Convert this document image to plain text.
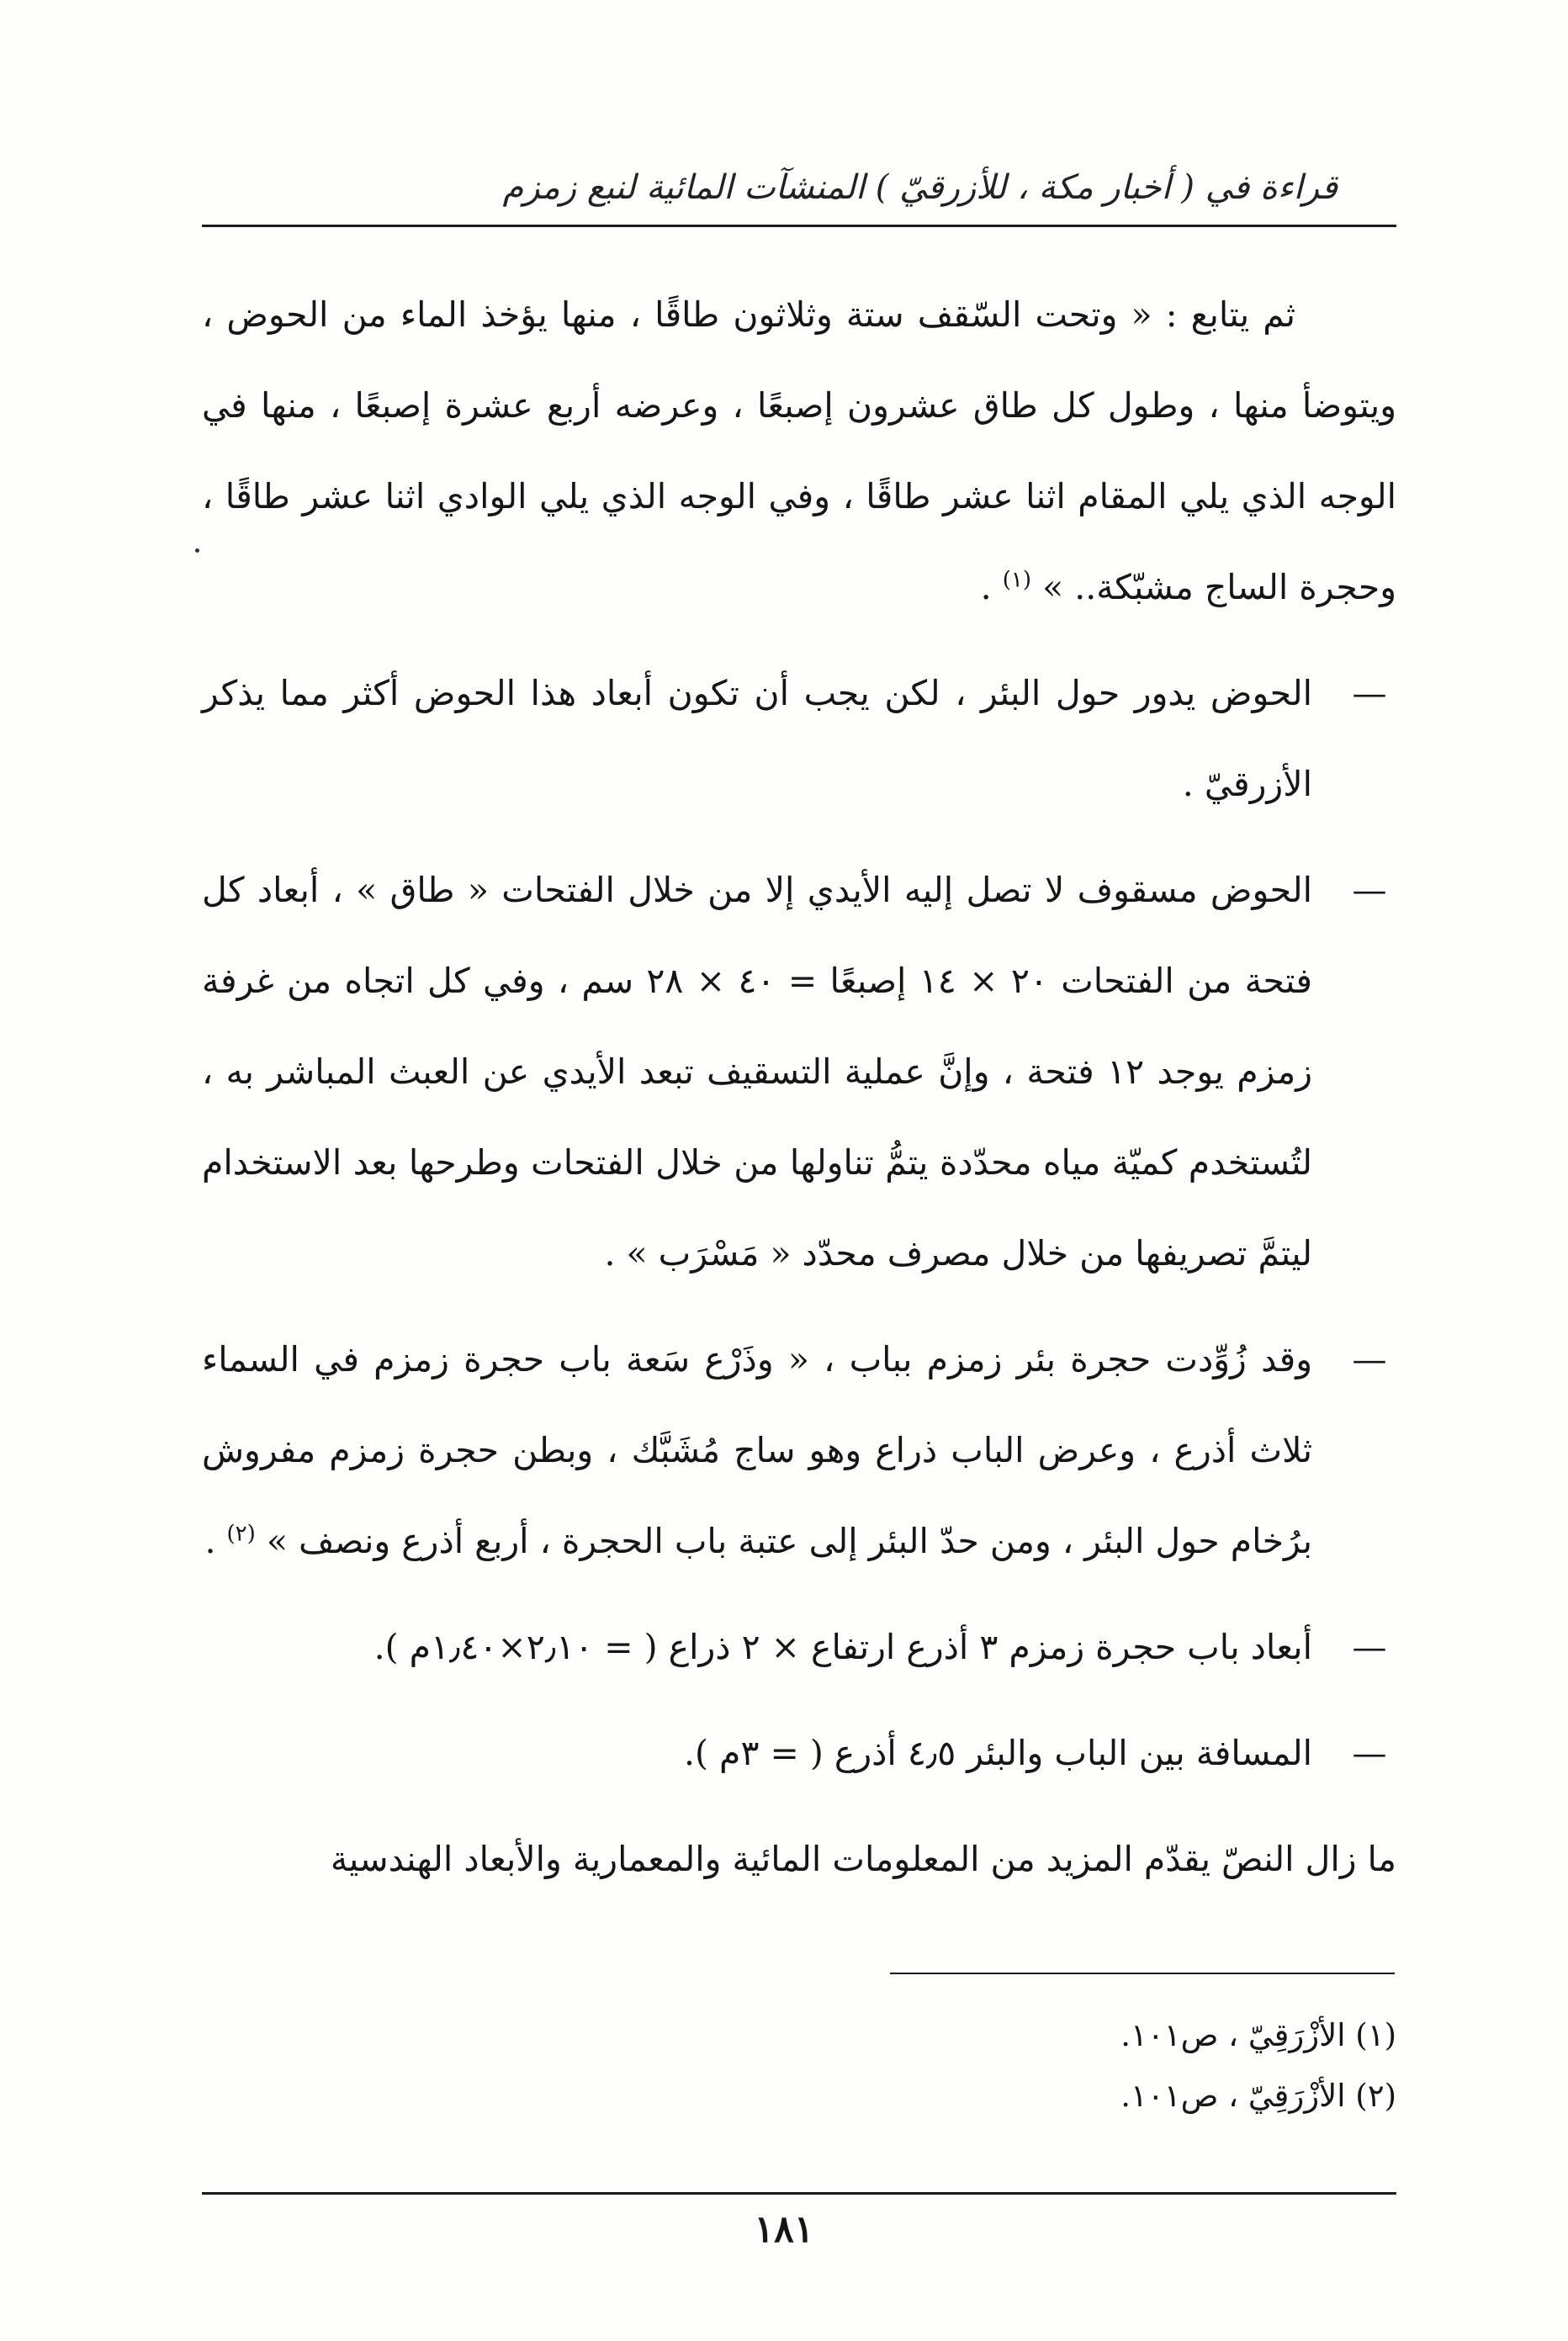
قراءة في ( أخبار مكة ، للأزرقيّ ) المنشآت المائية لنبع زمزم

ثم يتابع : « وتحت السّقف ستة وثلاثون طاقًا ، منها يؤخذ الماء من الحوض ، ويتوضأ منها ، وطول كل طاق عشرون إصبعًا ، وعرضه أربع عشرة إصبعًا ، منها في الوجه الذي يلي المقام اثنا عشر طاقًا ، وفي الوجه الذي يلي الوادي اثنا عشر طاقًا ، وحجرة الساج مشبّكة.. » $^{(١)}$ .

—
الحوض يدور حول البئر ، لكن يجب أن تكون أبعاد هذا الحوض أكثر مما يذكر الأزرقيّ .

—
الحوض مسقوف لا تصل إليه الأيدي إلا من خلال الفتحات « طاق » ، أبعاد كل فتحة من الفتحات ٢٠ × ١٤ إصبعًا = ٤٠ × ٢٨ سم ، وفي كل اتجاه من غرفة زمزم يوجد ١٢ فتحة ، وإنَّ عملية التسقيف تبعد الأيدي عن العبث المباشر به ، لتُستخدم كميّة مياه محدّدة يتمُّ تناولها من خلال الفتحات وطرحها بعد الاستخدام ليتمَّ تصريفها من خلال مصرف محدّد « مَسْرَب » .

—
وقد زُوِّدت حجرة بئر زمزم بباب ، « وذَرْع سَعة باب حجرة زمزم في السماء ثلاث أذرع ، وعرض الباب ذراع وهو ساج مُشَبَّك ، وبطن حجرة زمزم مفروش برُخام حول البئر ، ومن حدّ البئر إلى عتبة باب الحجرة ، أربع أذرع ونصف » $^{(٢)}$ .

—
أبعاد باب حجرة زمزم ٣ أذرع ارتفاع × ٢ ذراع ( = ٢٫١٠×١٫٤٠م ).

—
المسافة بين الباب والبئر ٤٫٥ أذرع ( = ٣م ).

ما زال النصّ يقدّم المزيد من المعلومات المائية والمعمارية والأبعاد الهندسية

(١) الأزْرَقِيّ ، ص١٠١.
(٢) الأزْرَقِيّ ، ص١٠١.
١٨١
